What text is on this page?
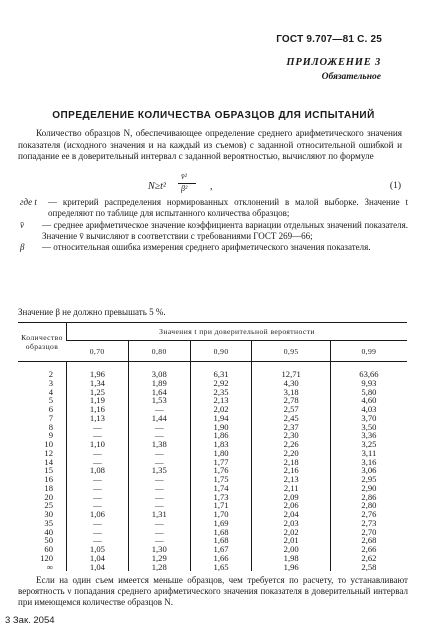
ГОСТ 9.707—81 С. 25
ПРИЛОЖЕНИЕ 3
Обязательное
ОПРЕДЕЛЕНИЕ КОЛИЧЕСТВА ОБРАЗЦОВ ДЛЯ ИСПЫТАНИЙ
Количество образцов N, обеспечивающее определение среднего арифметического значения показателя (исходного значения и на каждый из съемов) с заданной относительной ошибкой и попадание ее в доверительный интервал с заданной вероятностью, вычисляют по формуле
N≥t²
v̄²
β² ,	(1)
где t — критерий распределения нормированных отклонений в малой выборке. Значение t определяют по таблице для испытанного количества образцов;
v̄ — среднее арифметическое значение коэффициента вариации отдельных значений показателя. Значение v̄ вычисляют в соответствии с требованиями ГОСТ 269—66;
β — относительная ошибка измерения среднего арифметического значения показателя.
Значение β не должно превышать 5 %.
Количество образцов	Значения t при доверительной вероятности				
	0,70	0,80	0,90	0,95	0,99
2	1,96	3,08	6,31	12,71	63,66
3	1,34	1,89	2,92	4,30	9,93
4	1,25	1,64	2,35	3,18	5,80
5	1,19	1,53	2,13	2,78	4,60
6	1,16	—	2,02	2,57	4,03
7	1,13	1,44	1,94	2,45	3,70
8	—	—	1,90	2,37	3,50
9	—	—	1,86	2,30	3,36
10	1,10	1,38	1,83	2,26	3,25
12	—	—	1,80	2,20	3,11
14	—	—	1,77	2,18	3,16
15	1,08	1,35	1,76	2,16	3,06
16	—	—	1,75	2,13	2,95
18	—	—	1,74	2,11	2,90
20	—	—	1,73	2,09	2,86
25	—	—	1,71	2,06	2,80
30	1,06	1,31	1,70	2,04	2,76
35	—	—	1,69	2,03	2,73
40	—	—	1,68	2,02	2,70
50	—	—	1,68	2,01	2,68
60	1,05	1,30	1,67	2,00	2,66
120	1,04	1,29	1,66	1,98	2,62
∞	1,04	1,28	1,65	1,96	2,58
Если на один съем имеется меньше образцов, чем требуется по расчету, то устанавливают вероятность ν попадания среднего арифметического значения показателя в доверительный интервал при имеющемся количестве образцов N.
3 Зак. 2054
